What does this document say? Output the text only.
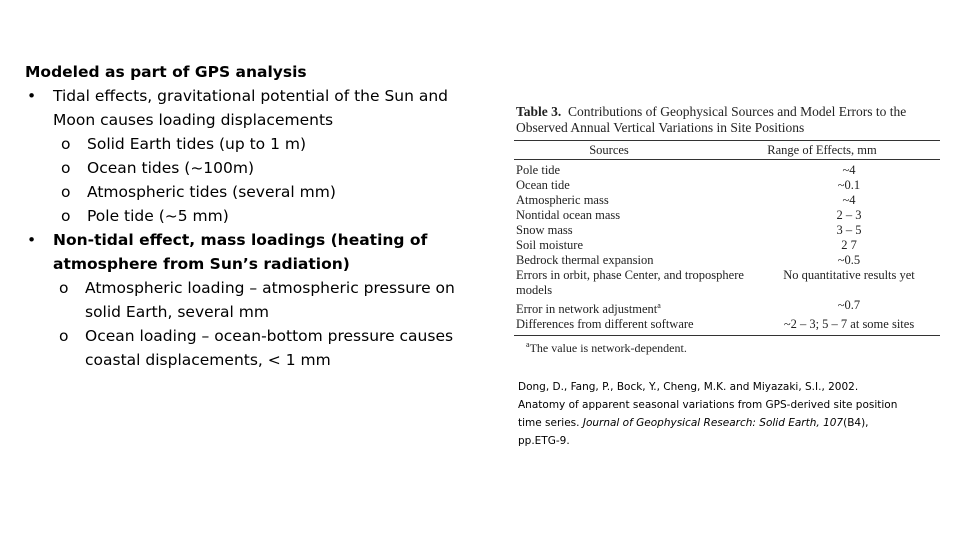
Modeled as part of GPS analysis
• Tidal effects, gravitational potential of the Sun and Moon causes loading displacements
o Solid Earth tides (up to 1 m)
o Ocean tides (~100m)
o Atmospheric tides (several mm)
o Pole tide (~5 mm)
• Non-tidal effect, mass loadings (heating of atmosphere from Sun’s radiation)
o Atmospheric loading – atmospheric pressure on solid Earth, several mm
o Ocean loading – ocean-bottom pressure causes coastal displacements, < 1 mm
Table 3. Contributions of Geophysical Sources and Model Errors to the Observed Annual Vertical Variations in Site Positions
Sources	Range of Effects, mm
Pole tide	~4
Ocean tide	~0.1
Atmospheric mass	~4
Nontidal ocean mass	2 – 3
Snow mass	3 – 5
Soil moisture	2 7
Bedrock thermal expansion	~0.5
Errors in orbit, phase Center, and troposphere models	No quantitative results yet
Error in network adjustment$^a$	~0.7
Differences from different software	~2 – 3; 5 – 7 at some sites
$^a$The value is network-dependent.
Dong, D., Fang, P., Bock, Y., Cheng, M.K. and Miyazaki, S.I., 2002. Anatomy of apparent seasonal variations from GPS-derived site position time series. Journal of Geophysical Research: Solid Earth, 107(B4), pp.ETG-9.
